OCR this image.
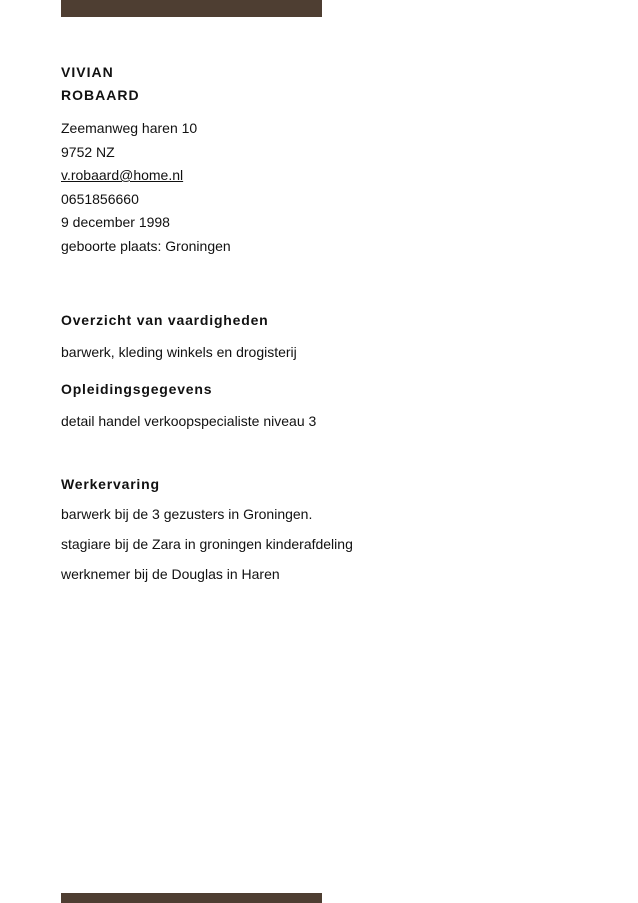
VIVIAN
ROBAARD
Zeemanweg haren 10
9752 NZ
v.robaard@home.nl
0651856660
9 december 1998
geboorte plaats: Groningen
Overzicht van vaardigheden
barwerk, kleding winkels en drogisterij
Opleidingsgegevens
detail handel verkoopspecialiste niveau 3
Werkervaring
barwerk bij de 3 gezusters in Groningen.
stagiare bij de Zara in groningen kinderafdeling
werknemer bij de Douglas in Haren
